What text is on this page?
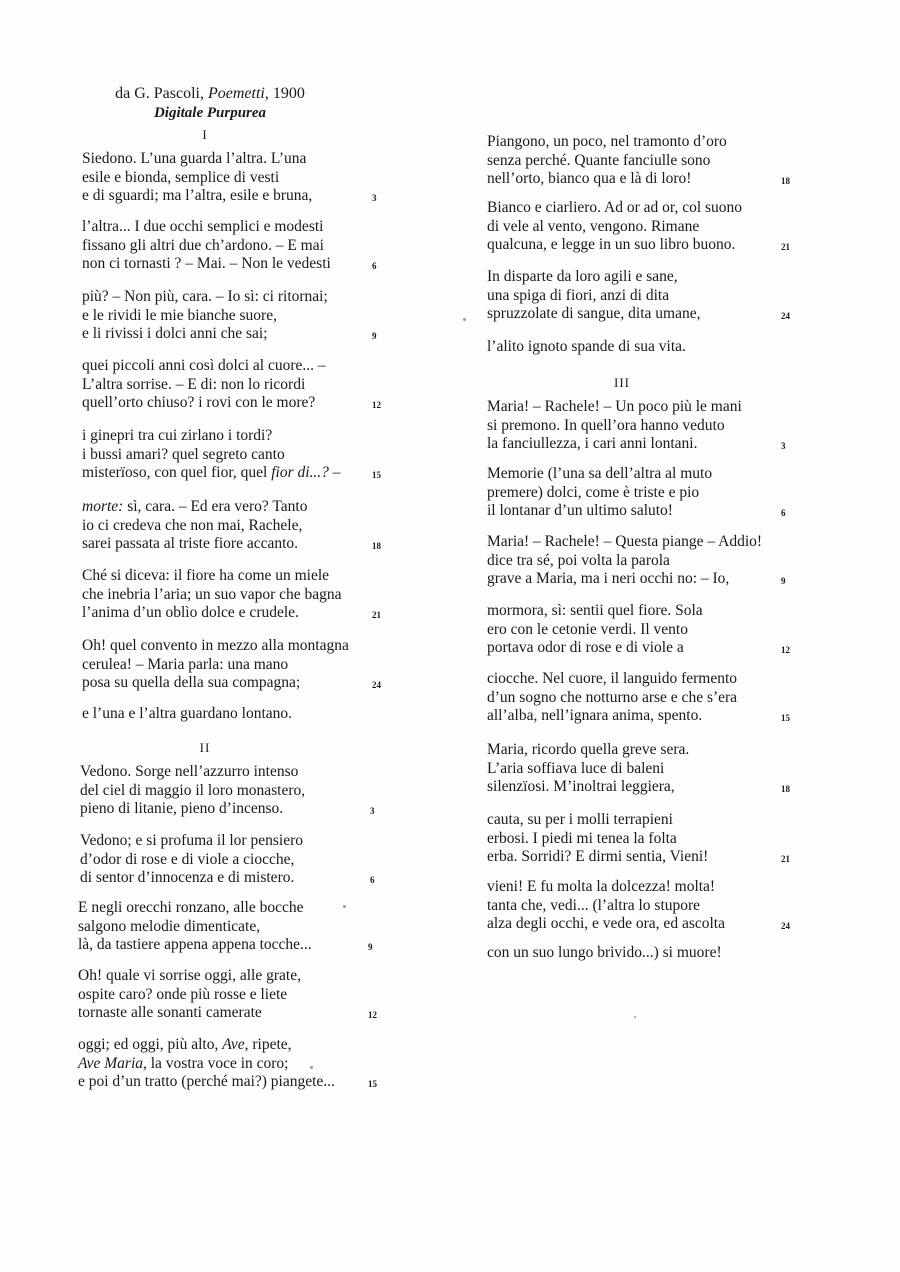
da G. Pascoli, Poemetti, 1900
Digitale Purpurea
I
Siedono. L’una guarda l’altra. L’una
esile e bionda, semplice di vesti
e di sguardi; ma l’altra, esile e bruna,	3
l’altra... I due occhi semplici e modesti
fissano gli altri due ch’ardono. – E mai
non ci tornasti ? – Mai. – Non le vedesti	6
più? – Non più, cara. – Io sì: ci ritornai;
e le rividi le mie bianche suore,
e li rivissi i dolci anni che sai;	9
quei piccoli anni così dolci al cuore... –
L’altra sorrise. – E di: non lo ricordi
quell’orto chiuso? i rovi con le more?	12
i ginepri tra cui zirlano i tordi?
i bussi amari? quel segreto canto
misterïoso, con quel fior, quel fior di...? –	15
morte: sì, cara. – Ed era vero? Tanto
io ci credeva che non mai, Rachele,
sarei passata al triste fiore accanto.	18
Ché si diceva: il fiore ha come un miele
che inebria l’aria; un suo vapor che bagna
l’anima d’un oblìo dolce e crudele.	21
Oh! quel convento in mezzo alla montagna
cerulea! – Maria parla: una mano
posa su quella della sua compagna;	24
e l’una e l’altra guardano lontano.
II
Vedono. Sorge nell’azzurro intenso
del ciel di maggio il loro monastero,
pieno di litanie, pieno d’incenso.	3
Vedono; e si profuma il lor pensiero
d’odor di rose e di viole a ciocche,
di sentor d’innocenza e di mistero.	6
E negli orecchi ronzano, alle bocche
salgono melodie dimenticate,
là, da tastiere appena appena tocche...	9
Oh! quale vi sorrise oggi, alle grate,
ospite caro? onde più rosse e liete
tornaste alle sonanti camerate	12
oggi; ed oggi, più alto, Ave, ripete,
Ave Maria, la vostra voce in coro;
e poi d’un tratto (perché mai?) piangete...	15
Piangono, un poco, nel tramonto d’oro
senza perché. Quante fanciulle sono
nell’orto, bianco qua e là di loro!	18
Bianco e ciarliero. Ad or ad or, col suono
di vele al vento, vengono. Rimane
qualcuna, e legge in un suo libro buono.	21
In disparte da loro agili e sane,
una spiga di fiori, anzi di dita
spruzzolate di sangue, dita umane,	24
l’alito ignoto spande di sua vita.
III
Maria! – Rachele! – Un poco più le mani
si premono. In quell’ora hanno veduto
la fanciullezza, i cari anni lontani.	3
Memorie (l’una sa dell’altra al muto
premere) dolci, come è triste e pio
il lontanar d’un ultimo saluto!	6
Maria! – Rachele! – Questa piange – Addio!
dice tra sé, poi volta la parola
grave a Maria, ma i neri occhi no: – Io,	9
mormora, sì: sentii quel fiore. Sola
ero con le cetonie verdi. Il vento
portava odor di rose e di viole a	12
ciocche. Nel cuore, il languido fermento
d’un sogno che notturno arse e che s’era
all’alba, nell’ignara anima, spento.	15
Maria, ricordo quella greve sera.
L’aria soffiava luce di baleni
silenzïosi. M’inoltrai leggiera,	18
cauta, su per i molli terrapieni
erbosi. I piedi mi tenea la folta
erba. Sorridi? E dirmi sentia, Vieni!	21
vieni! E fu molta la dolcezza! molta!
tanta che, vedi... (l’altra lo stupore
alza degli occhi, e vede ora, ed ascolta	24
con un suo lungo brivido...) si muore!
